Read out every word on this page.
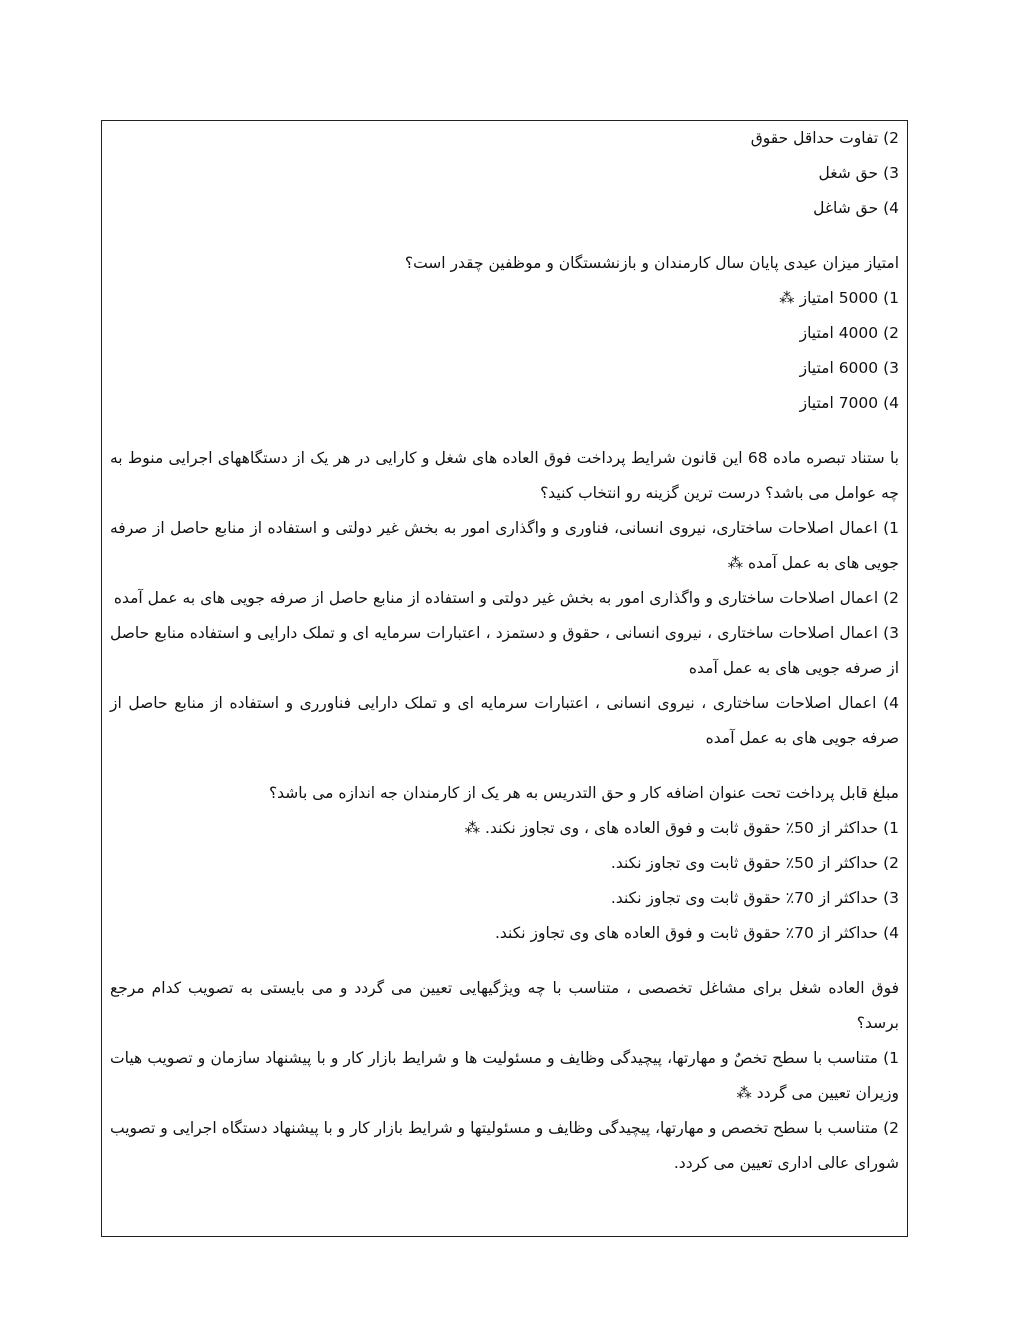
2) تفاوت حداقل حقوق
3) حق شغل
4) حق شاغل
امتیاز میزان عیدی پایان سال کارمندان و بازنشستگان و موظفین چقدر است؟
1) 5000 امتیاز ⁂
2) 4000 امتیاز
3) 6000 امتیاز
4) 7000 امتیاز
با ستناد تبصره ماده 68 این قانون شرایط پرداخت فوق العاده های شغل و کارایی در هر یک از دستگاههای اجرایی منوط به چه عوامل می باشد؟ درست ترین گزینه رو انتخاب کنید؟
1) اعمال اصلاحات ساختاری، نیروی انسانی، فناوری و واگذاری امور به بخش غیر دولتی و استفاده از منابع حاصل از صرفه جویی های به عمل آمده ⁂
2) اعمال اصلاحات ساختاری و واگذاری امور به بخش غیر دولتی و استفاده از منابع حاصل از صرفه جویی های به عمل آمده
3) اعمال اصلاحات ساختاری ، نیروی انسانی ، حقوق و دستمزد ، اعتبارات سرمایه ای و تملک دارایی و استفاده منابع حاصل از صرفه جویی های به عمل آمده
4) اعمال اصلاحات ساختاری ، نیروی انسانی ، اعتبارات سرمایه ای و تملک دارایی فناورری و استفاده از منابع حاصل از صرفه جویی های به عمل آمده
مبلغ قابل پرداخت تحت عنوان اضافه کار و حق التدریس به هر یک از کارمندان جه اندازه می باشد؟
1) حداکثر از 50٪ حقوق ثابت و فوق العاده های ، وی تجاوز نکند. ⁂
2) حداکثر از 50٪ حقوق ثابت وی تجاوز نکند.
3) حداکثر از 70٪ حقوق ثابت وی تجاوز نکند.
4) حداکثر از 70٪ حقوق ثابت و فوق العاده های وی تجاوز نکند.
فوق العاده شغل برای مشاغل تخصصی ، متناسب با چه ویژگیهایی تعیین می گردد و می بایستی به تصویب کدام مرجع برسد؟
1) متناسب با سطح تخصٌ و مهارتها، پیچیدگی وظایف و مسئولیت ها و شرایط بازار کار و با پیشنهاد سازمان و تصویب هیات وزیران تعیین می گردد ⁂
2) متناسب با سطح تخصص و مهارتها، پیچیدگی وظایف و مسئولیتها و شرایط بازار کار و با پیشنهاد دستگاه اجرایی و تصویب شورای عالی اداری تعیین می کردد.
